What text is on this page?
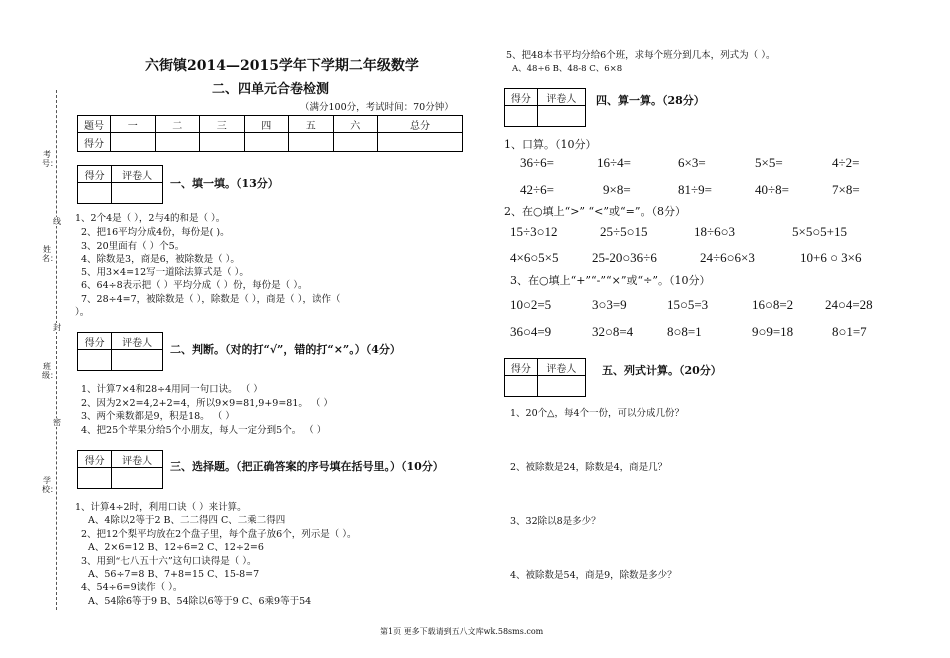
考号：
线
姓名：
封
班级：
密
学校：
六街镇2014—2015学年下学期二年级数学
二、四单元合卷检测
（满分100分，考试时间：70分钟）
题号	一	二	三	四	五	六	总分
得分							
得分	评卷人

一、填一填。（13分）
1、2个4是（ ），2与4的和是（ ）。
2、把16平均分成4份，每份是( )。
3、20里面有（ ）个5。
4、除数是3，商是6，被除数是（ ）。
5、用3×4=12写一道除法算式是（ ）。
6、64÷8表示把（ ）平均分成（ ）份，每份是（ ）。
7、28÷4=7，被除数是（ ），除数是（ ），商是（ ），读作（
）。
得分	评卷人
	二、判断。（对的打“√”，错的打“×”。）（4分）
1、计算7×4和28÷4用同一句口诀。 （ ）
2、因为2×2=4,2+2=4，所以9×9=81,9+9=81。 （ ）
3、两个乘数都是9，积是18。 （ ）
4、把25个苹果分给5个小朋友，每人一定分到5个。 （ ）
得分	评卷人
	三、选择题。（把正确答案的序号填在括号里。）（10分）
1、计算4÷2时，利用口诀（ ）来计算。
A、4除以2等于2 B、二二得四 C、二乘二得四
2、把12个梨平均放在2个盘子里，每个盘子放6个，列示是（ ）。
A、2×6=12 B、12÷6=2 C、12÷2=6
3、用到“七八五十六”这句口诀得是（ ）。
A、56÷7=8 B、7+8=15 C、15-8=7
4、54÷6=9读作（ ）。
A、54除6等于9 B、54除以6等于9 C、6乘9等于54
5、把48本书平均分给6个班，求每个班分到几本，列式为（ ）。
A、48÷6 B、48-8 C、6×8
得分	评卷人
	四、算一算。（28分）
1、口算。（10分）
36÷6=	16÷4=	6×3=	5×5=	4÷2=
42÷6=	9×8=	81÷9=	40÷8=	7×8=
2、在○填上“>” “<”或“=”。（8分）
15÷3○12	25÷5○15	18÷6○3	5×5○5+15
4×6○5×5	25-20○36÷6	24÷6○6×3	10+6 ○ 3×6
3、在○填上“+”“-”“×”或“÷”。（10分）
10○2=5	3○3=9	15○5=3	16○8=2 24○4=28
36○4=9	32○8=4	8○8=1	9○9=18	8○1=7
得分	评卷人
	五、列式计算。（20分）
1、20个△，每4个一份，可以分成几份？
2、被除数是24，除数是4，商是几？
3、32除以8是多少？
4、被除数是54，商是9，除数是多少？
第1页 更多下载请到五八文库wk.58sms.com
